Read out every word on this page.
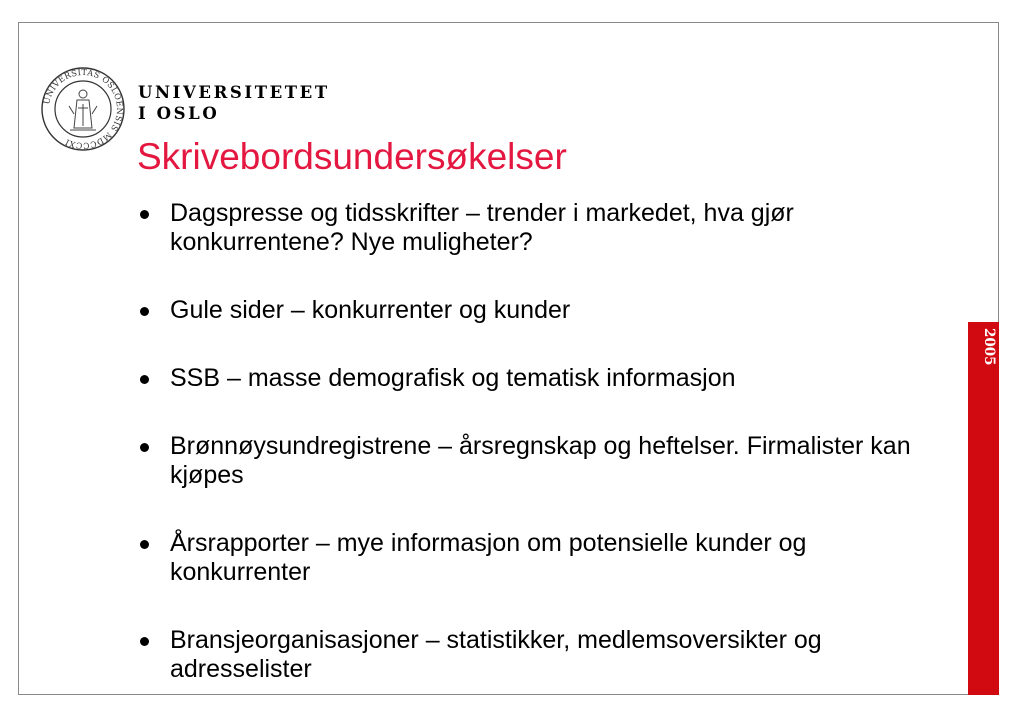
UNIVERSITAS OSLOENSIS MDCCCXI
UNIVERSITETET
I OSLO
Skrivebordsundersøkelser
Dagspresse og tidsskrifter – trender i markedet, hva gjør konkurrentene? Nye muligheter?
Gule sider – konkurrenter og kunder
SSB – masse demografisk og tematisk informasjon
Brønnøysundregistrene – årsregnskap og heftelser. Firmalister kan kjøpes
Årsrapporter – mye informasjon om potensielle kunder og konkurrenter
Bransjeorganisasjoner – statistikker, medlemsoversikter og adresselister
2005
